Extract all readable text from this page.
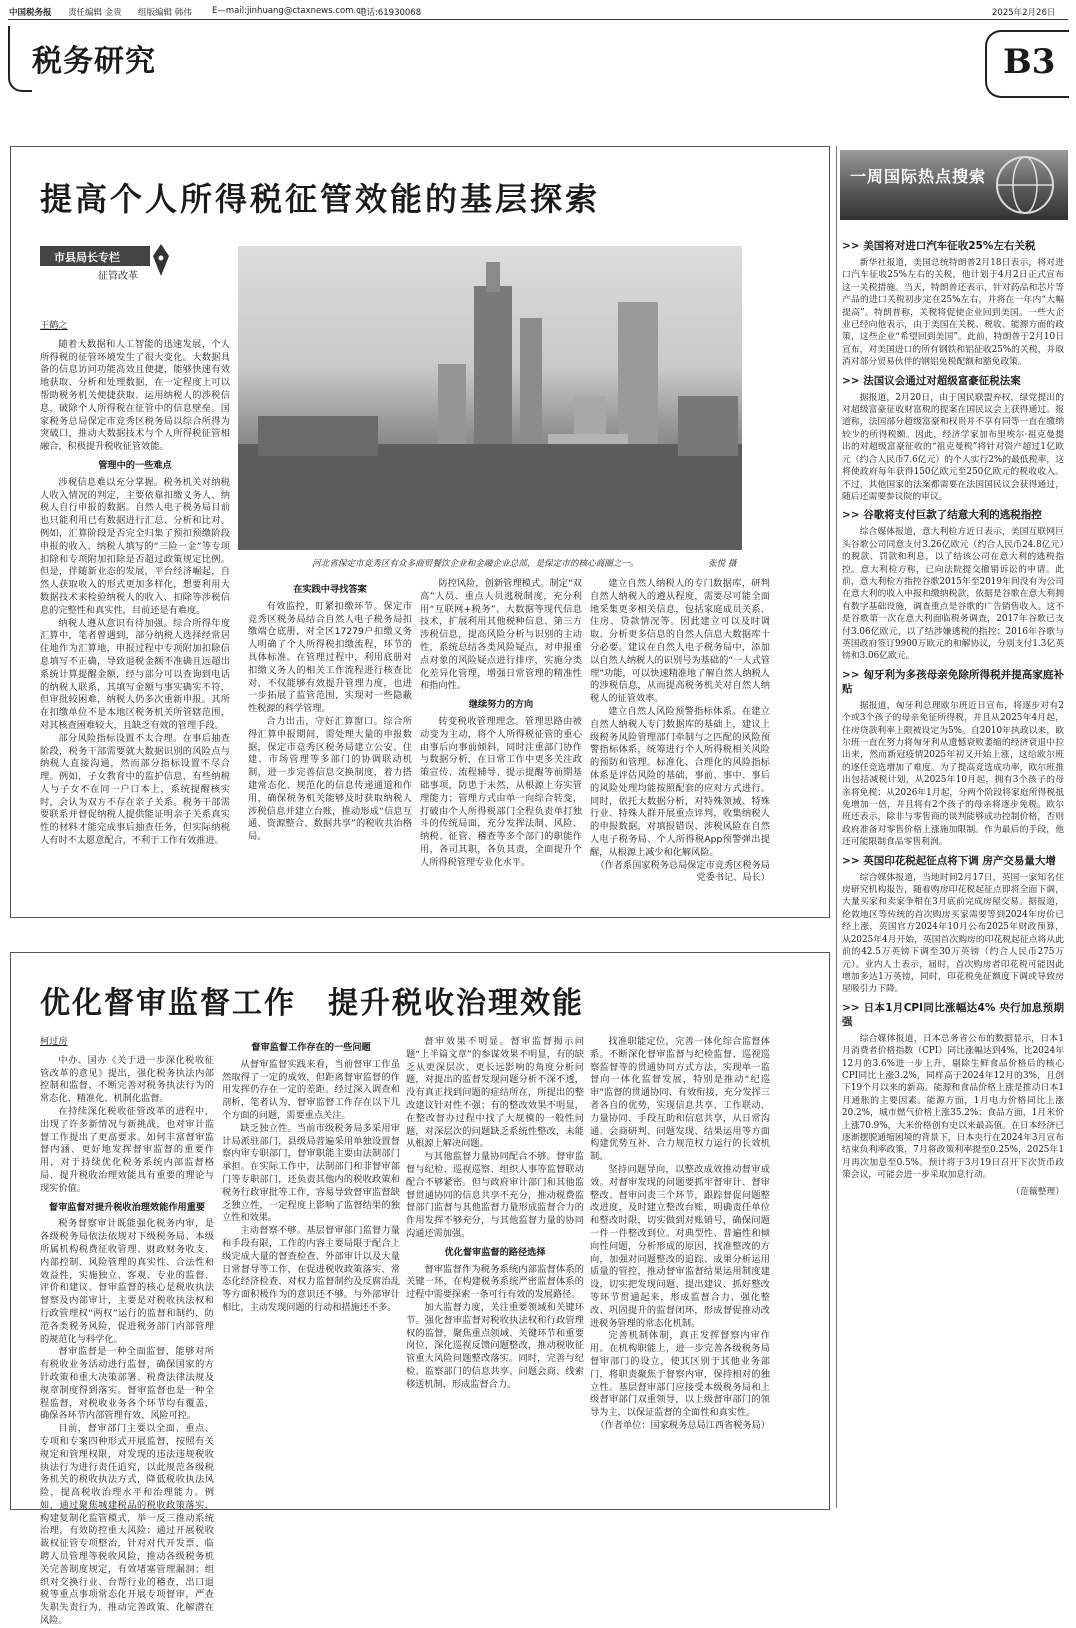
中国税务报 责任编辑 金贵 组版编辑 韩伟 E—mail:jinhuang@ctaxnews.com.cn
电话:61930068	2025年2月26日
税务研究	B3
提高个人所得税征管效能的基层探索
市县局长专栏
征管改革
河北省保定市竞秀区有众多商贸餐饮企业和金融企业总部，是保定市的核心商圈之一。	张悦 摄

王鹤之

随着大数据和人工智能的迅速发展，个人所得税的征管环境发生了很大变化。大数据具备的信息访问功能高效且便捷，能够快速有效地获取、分析和处理数据，在一定程度上可以帮助税务机关便捷获取、运用纳税人的涉税信息，破除个人所得税在征管中的信息壁垒。国家税务总局保定市竞秀区税务局以综合所得为突破口，推动大数据技术与个人所得税征管相融合，积极提升税收征管效能。

管理中的一些难点

涉税信息难以充分掌握。税务机关对纳税人收入情况的判定，主要依靠扣缴义务人、纳税人自行申报的数据。自然人电子税务局目前也只能利用已有数据进行汇总、分析和比对。例如，汇算阶段是否完全归集了预扣预缴阶段申报的收入、纳税人填写的“三险一金”等专项扣除和专项附加扣除是否超过政策规定比例。但是，伴随新业态的发展，平台经济崛起，自然人获取收入的形式更加多样化，想要利用大数据技术来检验纳税人的收入、扣除等涉税信息的完整性和真实性，目前还是有难度。

纳税人遵从意识有待加强。综合所得年度汇算中，笔者曾遇到，部分纳税人选择经常居住地作为汇算地，申报过程中专项附加扣除信息填写不正确，导致退税金额不准确且远超出系统计算提醒金额，经与部分可以查询到电话的纳税人联系，其填写金额与事实确实不符，但审批较困难，纳税人仍多次重新申报。其所在扣缴单位不是本地区税务机关所管辖范围，对其核查困难较大，且缺乏有效的管理手段。

部分风险指标设置不太合理。在事后抽查阶段，税务干部需要就大数据识别的风险点与纳税人直接沟通，然而部分指标设置不尽合理。例如，子女教育中的监护信息，有些纳税人与子女不在同一户口本上，系统提醒核实时，会认为双方不存在亲子关系。税务干部需要联系并督促纳税人提供能证明亲子关系真实性的材料才能完成事后抽查任务，但实际纳税人有时不太愿意配合，不利于工作有效推进。

在实践中寻找答案

有效监控，盯紧扣缴环节。保定市竞秀区税务局结合自然人电子税务局扣缴端仓底册，对全区17279户扣缴义务人明确了个人所得税扣缴流程，环节的具体标准。在管理过程中，利用底册对扣缴义务人的相关工作流程进行核查比对，不仅能够有效提升管理力度，也进一步拓展了监管范围，实现对一些隐蔽性税源的科学管理。

合力出击，守好汇算窗口。综合所得汇算申报期间，需处理大量的申报数据，保定市竞秀区税务局建立公安、住建、市场管理等多部门的协调联动机制，进一步完善信息交换制度，着力搭建常态化、规范化的信息传递通道和作用，确保税务机关能够及时获取纳税人涉税信息并建立台账，推动形成“信息互通、资源整合、数据共享”的税收共治格局。

防控风险，创新管理模式。制定“双高”人员、重点人员逃税制度，充分利用“互联网+税务”、大数据等现代信息技术，扩展利用其他税种信息、第三方涉税信息，提高风险分析与识别的主动性，系统总结各类风险疑点，对申报重点对象的风险疑点进行排序，实施分类化差异化管理，增强日常管理的精准性和指向性。

继续努力的方向

转变税收管理理念。管理思路由被动变为主动，将个人所得税征管的重心由事后向事前倾斜，同时注重部门协作与数据分析，在日常工作中更多关注政策宣传、流程辅导、提示提醒等前期基础事项，防患于未然，从根源上夯实管理能力；管理方式由单一向综合转变，打破由个人所得税部门全程负责单打独斗的传统局面，充分发挥法制、风险、纳税、征管、稽查等多个部门的职能作用，各司其职，各负其责，全面提升个人所得税管理专业化水平。

建立自然人纳税人的专门数据库，研判自然人纳税人的遵从程度，需要尽可能全面地采集更多相关信息，包括家庭成员关系、住房、贷款情况等。因此建立可以及时调取、分析更多信息的自然人信息大数据库十分必要。建议在自然人电子税务局中，添加以自然人纳税人的识别号为基础的“一人式管理”功能，可以快速精准地了解自然人纳税人的涉税信息，从而提高税务机关对自然人纳税人的征管效率。

建立自然人风险预警指标体系。在建立自然人纳税人专门数据库的基础上，建议上级税务风险管理部门牵制与之匹配的风险预警指标体系，统筹进行个人所得税相关风险的预防和管理。标准化、合理化的风险指标体系是评估风险的基础，事前、事中、事后的风险处理均能按照配套的应对方式进行。同时，依托大数据分析，对特殊领域、特殊行业、特殊人群开展重点评判，收集纳税人的申报数据，对填报错误、涉税风险在自然人电子税务局、个人所得税App预警弹出提醒，从根源上减少和化解风险。

（作者系国家税务总局保定市竞秀区税务局党委书记、局长）

优化督审监督工作　提升税收治理效能

柯过房

中办、国办《关于进一步深化税收征管改革的意见》提出，强化税务执法内部控制和监督，不断完善对税务执法行为的常态化、精准化、机制化监督。

在持续深化税收征管改革的进程中，出现了许多新情况与新挑战，也对审计监督工作提出了更高要求。如何丰富督审监督内涵、更好地发挥督审监督的重要作用，对于持续优化税务系统内部监督格局、提升税收治理效能具有重要的理论与现实价值。

督审监督对提升税收治理效能作用重要

税务督察审计既能强化税务内审，是各级税务局依法依规对下级税务局、本级所属机构税费征收管理、财政财务收支、内部控制、风险管理的真实性、合法性和效益性，实施独立、客观、专业的监督、评价和建议。督审监督的核心是税收执法督察及内部审计，主要是对税收执法权和行政管理权“两权”运行的监督和制约，防范各类税务风险，促进税务部门内部管理的规范化与科学化。

督审监督是一种全面监督，能够对所有税收业务活动进行监督，确保国家的方针政策和重大决策部署、税费法律法规及规章制度得到落实。督审监督也是一种全程监督，对税收业务各个环节均有覆盖，确保各环节内部管理有效、风险可控。

目前，督审部门主要以全面、重点、专项和专案四种形式开展监督，按照有关规定和管理权限，对发现的违法违规税收执法行为进行责任追究，以此规范各级税务机关的税收执法方式，降低税收执法风险，提高税收治理水平和治理能力。例如，通过聚焦城建税品的税收政策落实，构建复制化监管模式，举一反三推动系统治理，有效防控重大风险；通过开展税收裁权征管专项整治，针对对代开发票、临聘人员管理等税收风险，推动各级税务机关完善制度规定，有效堵塞管理漏洞；组织对交换行业、台帮行业的稽查，出口退税等重点事项常态化开展专项督审，严查失职失责行为，推动完善政策、化解潜在风险。

督审监督工作存在的一些问题

从督审监督实践来看，当前督审工作虽然取得了一定的成效，但距离督审监督的作用发挥仍存在一定的差距。经过深入调查和剖析，笔者认为，督审监督工作存在以下几个方面的问题，需要重点关注。

缺乏独立性。当前市级税务局多采用审计局派驻部门，县级局普遍采用单独设置督察内审专职部门，督审职能主要由法制部门承担。在实际工作中，法制部门和非督审部门等专职部门，还负责其他内的税收政策和税务行政审批等工作，容易导致督审监督缺乏独立性，一定程度上影响了监督结果的独立性和效果。

主动督察不够。基层督审部门监督力量和手段有限，工作的内容主要局限于配合上级完成大量的督查检查、外部审计以及大量日常督导等工作，在促进税收政策落实、常态化经济检查、对权力监督制约及反腐治乱等方面积极作为的意识还不够。与外部审计相比，主动发现问题的行动和措施还不多。

督审效果不明显。督审监督揭示问题“上半篇文章”的参谋效果不明显，有的缺乏从更深层次、更长远影响的角度分析问题，对提出的监督发现问题分析不深不透，没有真正找到问题的症结所在，所提出的整改建议针对性不强；有的整改效果不明显，在整改督办过程中找了大规模的一般性问题，对深层次的问题缺乏系统性整改，未能从根源上解决问题。

与其他监督力量协同配合不够。督审监督与纪检、巡视巡察、组织人事等监督联动配合不够紧密。但与政府审计部门和其他监督贯通协同的信息共享不充分，推动税费监督部门监督与其他监督力量形成监督合力的作用发挥不够充分，与其他监督力量的协同沟通还需加强。

优化督审监督的路径选择

督审监督作为税务系统内部监督体系的关键一环，在构建税务系统严密监督体系的过程中需要探索一条可行有效的发展路径。

加大监督力度，关注重要领域和关键环节。强化督审监督对税收执法权和行政管理权的监督，聚焦重点领域、关键环节和重要岗位，深化巡视反馈问题整改，推动税收征管重大风险问题整改落实。同时，完善与纪检、监察部门的信息共享、问题会商、线索移送机制，形成监督合力。

找准职能定位，完善一体化综合监督体系。不断深化督审监督与纪检监督、巡视巡察监督等的贯通协同方式方法，实现单一监督向一体化监督发展，特别是推动“纪巡审”监督的贯通协同、有效衔接，充分发挥三者各自的优势，实现信息共享、工作联动、力量协同、手段互助和信息共享，从日常沟通、会商研判、问题发现、结果运用等方面构建优势互补、合力规范权力运行的长效机制。

坚持问题导向，以整改成效推动督审成效。对督审发现的问题要抓牢督审计、督审整改、督审问责三个环节，跟踪督促问题整改进度，及时建立整改台账，明确责任单位和整改时限，切实做到对账销号，确保问题一件一件整改到位。对典型性、普遍性和倾向性问题，分析形成的原因，找准整改的方向，加强对问题整改的追踪、成果分析运用质量的管控，推动督审监督结果运用制度建设，切实把发现问题、提出建议、抓好整改等环节贯通起来，形成监督合力、强化整改、巩固提升的监督闭环，形成督促推动改进税务管理的常态化机制。

完善机制体制，真正发挥督察内审作用。在机构职能上，进一步完善各级税务局督审部门的设立，使其区别于其他业务部门，将职责聚焦于督察内审，保持相对的独立性。基层督审部门应接受本级税务局和上级督审部门双重领导，以上级督审部门的领导为主，以保证监督的全面性和真实性。

（作者单位：国家税务总局江西省税务局）

一周国际热点搜索
>> 美国将对进口汽车征收25%左右关税

新华社报道，美国总统特朗普2月18日表示，将对进口汽车征收25%左右的关税，他计划于4月2日正式宣布这一关税措施。当天，特朗普还表示，针对药品和芯片等产品的进口关税初步定在25%左右，并将在一年内“大幅提高”。特朗普称，关税将促使企业回到美国。一些大企业已经向他表示，由于美国在关税、税收、能源方面的政策，这些企业“希望回到美国”。此前，特朗普于2月10日宣布，对美国进口的所有钢铁和铝征收25%的关税，并取消对部分贸易伙伴的钢铝免税配额和豁免政策。

>> 法国议会通过对超级富豪征税法案

据报道，2月20日，由于国民联盟弃权，绿党提出的对超级富豪征收财富税的提案在国民议会上获得通过。报道称，法国部分超级富豪和权贵并不享有同等一直在缴纳较少的所得税额。因此，经济学家加布里埃尔·祖克曼提出的对超级富豪征收的“祖克曼税”将针对资产超过1亿欧元（约合人民币7.6亿元）的个人实行2%的最低税率，这将使政府每年获得150亿欧元至250亿欧元的税收收入。不过，其他国家的法案都需要在法国国民议会获得通过，随后还需要参议院的审议。

>> 谷歌将支付巨款了结意大利的逃税指控

综合媒体报道，意大利检方近日表示，美国互联网巨头谷歌公司同意支付3.26亿欧元（约合人民币24.8亿元）的税款、罚款和利息，以了结该公司在意大利的逃税指控。意大利检方称，已向法院提交撤销诉讼的申请。此前，意大利检方指控谷歌2015年至2019年间没有为公司在意大利的收入申报和缴纳税款，依据是谷歌在意大利拥有数字基础设施，调查重点是谷歌的广告销售收入。这不是谷歌第一次在意大利面临税务调查，2017年谷歌已支付3.06亿欧元，以了结涉嫌逃税的指控；2016年谷歌与英国政府签订9900万欧元的和解协议，分别支付1.3亿英镑和3.06亿欧元。

>> 匈牙利为多孩母亲免除所得税并提高家庭补贴

据报道，匈牙利总理欧尔班近日宣布，将逐步对有2个或3个孩子的母亲免征所得税，并且从2025年4月起，住房贷款利率上限被设定为5%。自2010年执政以来，欧尔班一直在努力将匈牙利从遗憾衰败萎缩的经济衰退中拉出来，然而新冠疫情2025年初又开始上涨，这给欧尔班的逐任竞选增加了难度。为了提高竞选成功率，欧尔班推出包括减税计划，从2025年10月起，拥有3个孩子的母亲将免税；从2026年1月起，分两个阶段将家庭所得税抵免增加一倍，并且将有2个孩子的母亲将逐步免税。欧尔班还表示，除非与零售商的谈判能够成功控制价格，否则政府准备对零售价格上涨施加限制。作为最后的手段，他还可能限制食品零售利润。

>> 英国印花税起征点将下调 房产交易量大增

综合媒体报道，当地时间2月17日，英国一家知名住房研究机构报告，随着购房印花税起征点即将全面下调，大量买家和卖家争相在3月底前完成房屋交易。据报道，伦敦地区等传统的首次购房买家需要等到2024年房价已经上涨，英国官方2024年10月公布2025年财政预算，从2025年4月开始，英国首次购房的印花税起征点将从此前的42.5万英镑下调至30万英镑（约合人民币275万元）。业内人士表示，届时，首次购房者印花税可能因此增加多达1万英镑，同时，印花税免征额度下调或导致房屋吸引力下降。

>> 日本1月CPI同比涨幅达4% 央行加息预期强

综合媒体报道，日本总务省公布的数据显示，日本1月消费者价格指数（CPI）同比涨幅达到4%，比2024年12月的3.6%进一步上升，剔除生鲜食品价格后的核心CPI同比上涨3.2%，同样高于2024年12月的3%，且创下19个月以来的新高。能源和食品价格上涨是推动日本1月通胀的主要因素。能源方面，1月电力价格同比上涨20.2%，城市燃气价格上涨35.2%；食品方面，1月米价上涨70.9%，大米价格创有史以来最高值。在日本经济已逐渐摆脱通缩困境的背景下，日本央行在2024年3月宣布结束负利率政策，7月将政策利率提至0.25%，2025年1月再次加息至0.5%。预计将于3月19日召开下次货币政策会议，可能会进一步采取加息行动。

（范薇整理）
